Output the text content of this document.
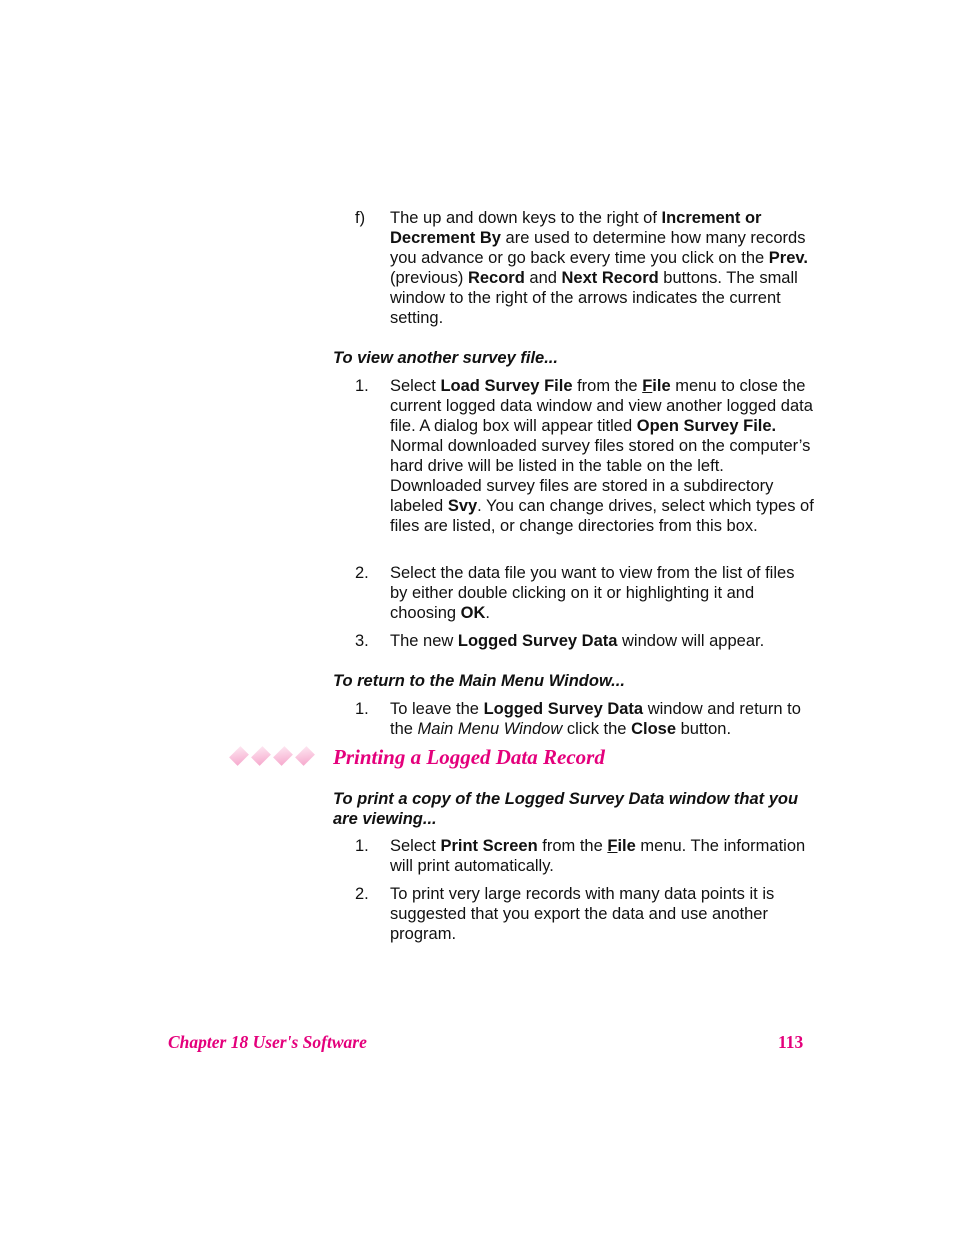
f) The up and down keys to the right of Increment or Decrement By are used to determine how many records you advance or go back every time you click on the Prev. (previous) Record and Next Record buttons. The small window to the right of the arrows indicates the current setting.
To view another survey file...
1. Select Load Survey File from the File menu to close the current logged data window and view another logged data file. A dialog box will appear titled Open Survey File. Normal downloaded survey files stored on the computer’s hard drive will be listed in the table on the left. Downloaded survey files are stored in a subdirectory labeled Svy. You can change drives, select which types of files are listed, or change directories from this box.
2. Select the data file you want to view from the list of files by either double clicking on it or highlighting it and choosing OK.
3. The new Logged Survey Data window will appear.
To return to the Main Menu Window...
1. To leave the Logged Survey Data window and return to the Main Menu Window click the Close button.
Printing a Logged Data Record
To print a copy of the Logged Survey Data window that you are viewing...
1. Select Print Screen from the File menu. The information will print automatically.
2. To print very large records with many data points it is suggested that you export the data and use another program.
Chapter 18 User's Software	113
